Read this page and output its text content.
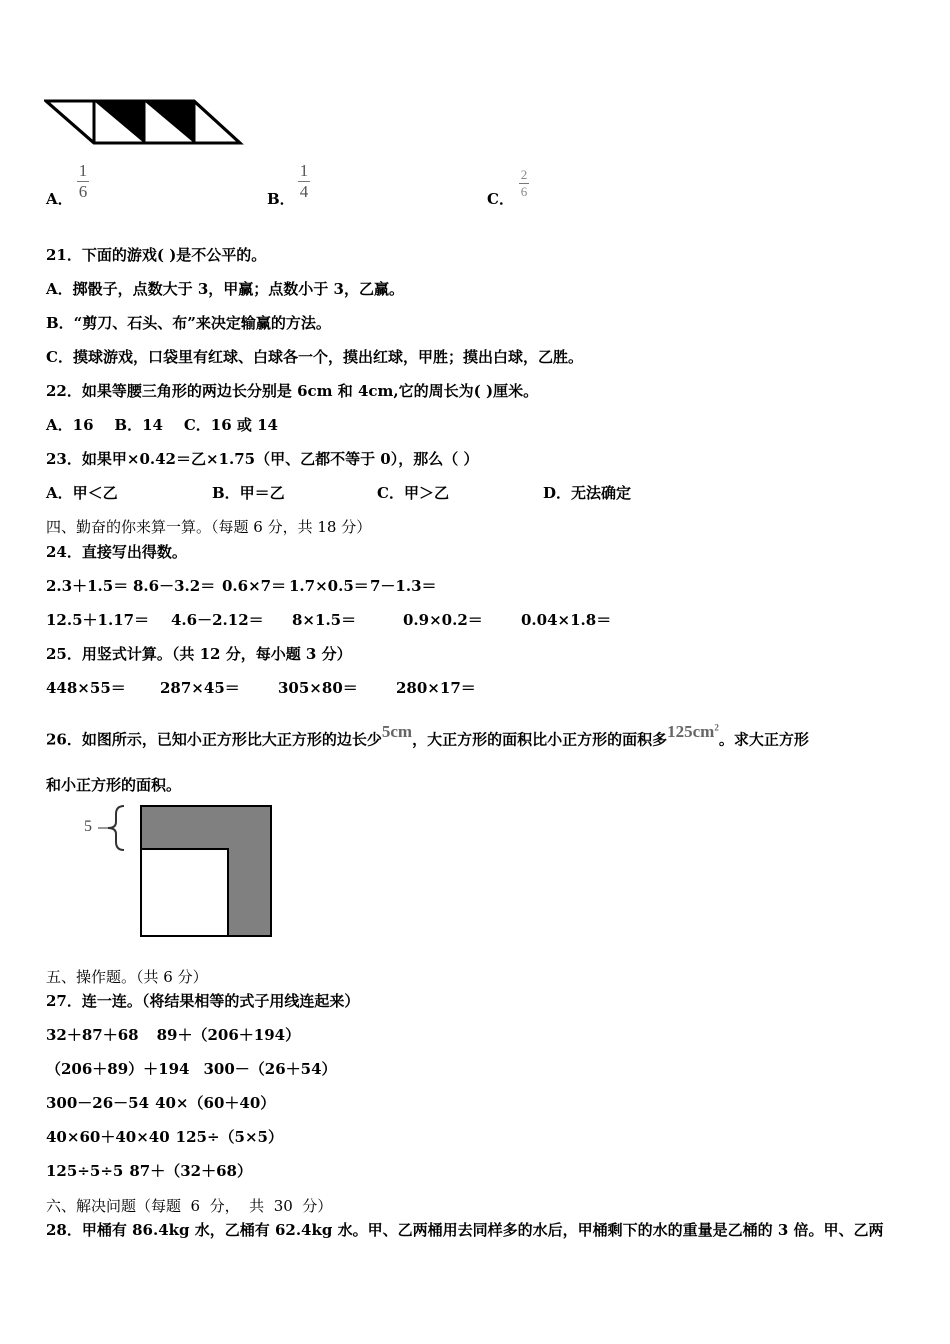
A．
1
6	B．
1
4	C．
2
6
21．下面的游戏( )是不公平的。
A．掷骰子，点数大于 3，甲赢；点数小于 3，乙赢。
B．“剪刀、石头、布”来决定输赢的方法。
C．摸球游戏，口袋里有红球、白球各一个，摸出红球，甲胜；摸出白球，乙胜。
22．如果等腰三角形的两边长分别是 6cm 和 4cm,它的周长为( )厘米。
A．16    B．14    C．16 或 14
23．如果甲×0.42＝乙×1.75（甲、乙都不等于 0），那么（ ）
A．甲＜乙	B．甲＝乙	C．甲＞乙	D．无法确定
四、勤奋的你来算一算。（每题 6 分，共 18 分）
24．直接写出得数。
2.3＋1.5＝ 8.6－3.2＝ 0.6×7＝ 1.7×0.5＝ 7－1.3＝
12.5＋1.17＝ 4.6－2.12＝ 8×1.5＝	0.9×0.2＝	0.04×1.8＝
25．用竖式计算。（共 12 分，每小题 3 分）
448×55＝ 287×45＝	305×80＝	280×17＝
26．如图所示，已知小正方形比大正方形的边长少5cm，大正方形的面积比小正方形的面积多$125cm^2$。求大正方形
和小正方形的面积。
5
五、操作题。（共 6 分）
27．连一连。（将结果相等的式子用线连起来）
32＋87＋68 89＋（206＋194）
（206＋89）＋194 300－（26＋54）
300－26－54 40×（60＋40）
40×60＋40×40 125÷（5×5）
125÷5÷5 87＋（32＋68）
六、解决问题（每题  6  分，  共  30  分）
28．甲桶有 86.4kg 水，乙桶有 62.4kg 水。甲、乙两桶用去同样多的水后，甲桶剩下的水的重量是乙桶的 3 倍。甲、乙两
